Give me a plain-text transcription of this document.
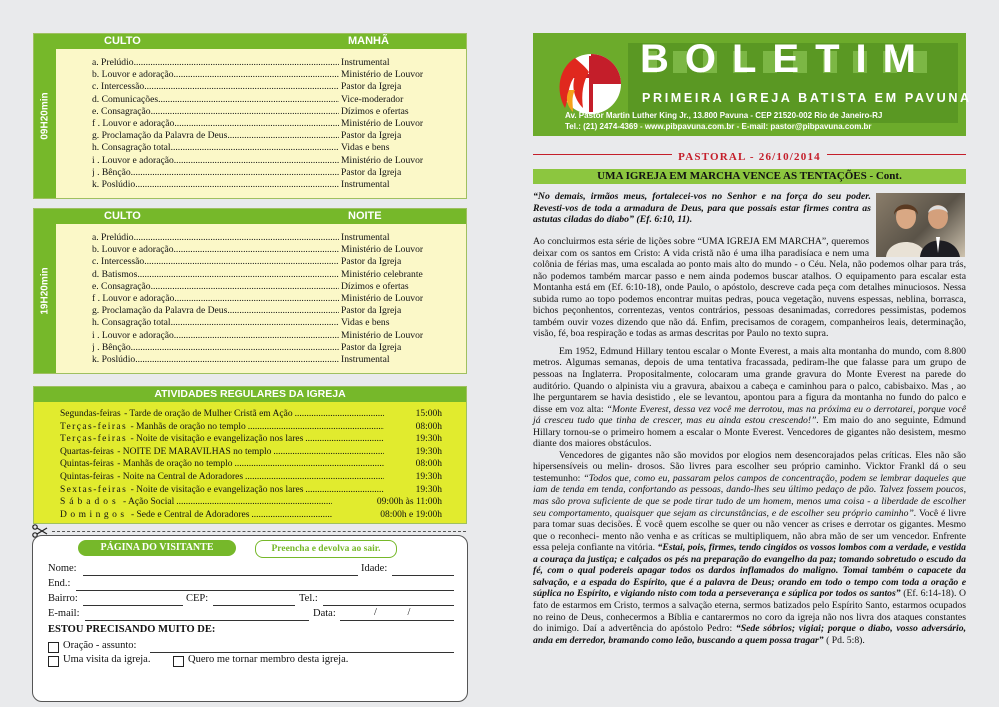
09H20min
CULTO	MANHÃ
a. Prelúdio .....	Instrumental
b. Louvor e adoração .....	Ministério de Louvor
c. Intercessão .....	Pastor da Igreja
d. Comunicações .....	Vice-moderador
e. Consagração .....	Dízimos e ofertas
f . Louvor e adoração .....	Ministério de Louvor
g. Proclamação da Palavra de Deus .....	Pastor da Igreja
h. Consagração total .....	Vidas e bens
i . Louvor e adoração .....	Ministério de Louvor
j . Bênção .....	Pastor da Igreja
k. Poslúdio .....	Instrumental
19H20min
CULTO	NOITE
a. Prelúdio .....	Instrumental
b. Louvor e adoração .....	Ministério de Louvor
c. Intercessão .....	Pastor da Igreja
d. Batismos .....	Ministério celebrante
e. Consagração .....	Dízimos e ofertas
f . Louvor e adoração .....	Ministério de Louvor
g. Proclamação da Palavra de Deus .....	Pastor da Igreja
h. Consagração total .....	Vidas e bens
i . Louvor e adoração .....	Ministério de Louvor
j . Bênção .....	Pastor da Igreja
k. Poslúdio .....	Instrumental
ATIVIDADES REGULARES DA IGREJA
Segundas-feiras - Tarde de oração de Mulher Cristã em Ação .....	15:00h
Terças-feiras - Manhãs de oração no templo .....	08:00h
Terças-feiras - Noite de visitação e evangelização nos lares .....	19:30h
Quartas-feiras - NOITE DE MARAVILHAS no templo .....	19:30h
Quintas-feiras - Manhãs de oração no templo .....	08:00h
Quintas-feiras - Noite na Central de Adoradores .....	19:30h
Sextas-feiras - Noite de visitação e evangelização nos lares .....	19:30h
Sábados - Ação Social .....	09:00h às 11:00h
Domingos - Sede e Central de Adoradores .....	08:00h e 19:00h
PÁGINA DO VISITANTE	Preencha e devolva ao sair.
Nome:	Idade:
End.:
Bairro:	CEP:	Tel.:
E-mail:	Data:	/ /
ESTOU PRECISANDO MUITO DE:
Oração - assunto:
Uma visita da igreja.	Quero me tornar membro desta igreja.
BOLETIM
PRIMEIRA IGREJA BATISTA EM PAVUNA
Av. Pastor Martin Luther King Jr., 13.800 Pavuna - CEP 21520-002 Rio de Janeiro-RJ
Tel.: (21) 2474-4369 - www.pibpavuna.com.br - E-mail: pastor@pibpavuna.com.br
PASTORAL - 26/10/2014
UMA IGREJA EM MARCHA VENCE AS TENTAÇÕES - Cont.
“No demais, irmãos meus, fortalecei-vos no Senhor e na força do seu poder. Revesti-vos de toda a armadura de Deus, para que possais estar firmes contra as astutas ciladas do diabo” (Ef. 6:10, 11).

Ao concluirmos esta série de lições sobre “UMA IGREJA EM MARCHA”, queremos deixar com os santos em Cristo: A vida cristã não é uma ilha paradisíaca e nem uma colônia de férias mas, uma escalada ao ponto mais alto do mundo - o Céu. Nela, não podemos olhar para trás, não podemos também marcar passo e nem ainda podemos buscar atalhos. O equipamento para escalar esta Montanha está em (Ef. 6:10-18), onde Paulo, o apóstolo, descreve cada peça com detalhes minuciosos. Nessa subida rumo ao topo podemos encontrar muitas pedras, pouca vegetação, nuvens espessas, neblina, borrasca, bichos peçonhentos, correntezas, ventos contrários, pessoas desanimadas, corredores pessimistas, podemos também ouvir vozes dizendo que não dá. Enfim, precisamos de coragem, companheiros leais, determinação, visão, fé, boa respiração e todas as armas descritas por Paulo no texto supra.

Em 1952, Edmund Hillary tentou escalar o Monte Everest, a mais alta montanha do mundo, com 8.800 metros. Algumas semanas, depois de uma tentativa fracassada, pediram-lhe que falasse para um grupo de pessoas na Inglaterra. Propositalmente, colocaram uma grande gravura do Monte Everest na parede do auditório. Quando o alpinista viu a gravura, abaixou a cabeça e caminhou para o palco, cabisbaixo. Mas , ao lhe perguntarem se havia desistido , ele se levantou, apontou para a figura da montanha no fundo do palco e disse em voz alta: “Monte Everest, dessa vez você me derrotou, mas na próxima eu o derrotarei, porque você já cresceu tudo que tinha de crescer, mas eu ainda estou crescendo!”. Em maio do ano seguinte, Edmund Hillary tornou-se o primeiro homem a escalar o Monte Everest. Vencedores de gigantes não desistem, mesmo diante dos maiores obstáculos.

Vencedores de gigantes não são movidos por elogios nem desencorajados pelas críticas. Eles não são hipersensíveis ou melin- drosos. São livres para escolher seu próprio caminho. Vicktor Frankl dá o seu testemunho: “Todos que, como eu, passaram pelos campos de concentração, podem se lembrar daqueles que iam de tenda em tenda, confortando as pessoas, dando-lhes seu último pedaço de pão. Talvez fossem poucos, mas são prova suficiente de que se pode tirar tudo de um homem, menos uma coisa - a liberdade de escolher seu comportamento, quaisquer que sejam as circunstâncias, e de escolher seu próprio caminho”. Você é livre para tomar suas decisões. É você quem escolhe se quer ou não vencer as crises e derrotar os gigantes. Mesmo que o reconheci- mento não venha e as críticas se multipliquem, não abra mão de ser um vencedor. Enfrente essa peleja confiante na vitória. “Estai, pois, firmes, tendo cingidos os vossos lombos com a verdade, e vestida a couraça da justiça; e calçados os pés na preparação do evangelho da paz; tomando sobretudo o escudo da fé, com o qual podereis apagar todos os dardos inflamados do maligno. Tomai também o capacete da salvação, e a espada do Espírito, que é a palavra de Deus; orando em todo o tempo com toda a oração e súplica no Espírito, e vigiando nisto com toda a perseverança e súplica por todos os santos” (Ef. 6:14-18). O fato de estarmos em Cristo, termos a salvação eterna, sermos batizados pelo Espírito Santo, estarmos ocupados no reino de Deus, conhecermos a Bíblia e cantarermos no coro da igreja não nos livra dos ataques constantes do inimigo. Daí a advertência do apóstolo Pedro: “Sede sóbrios; vigiai; porque o diabo, vosso adversário, anda em derredor, bramando como leão, buscando a quem possa tragar” ( Pd. 5:8).
